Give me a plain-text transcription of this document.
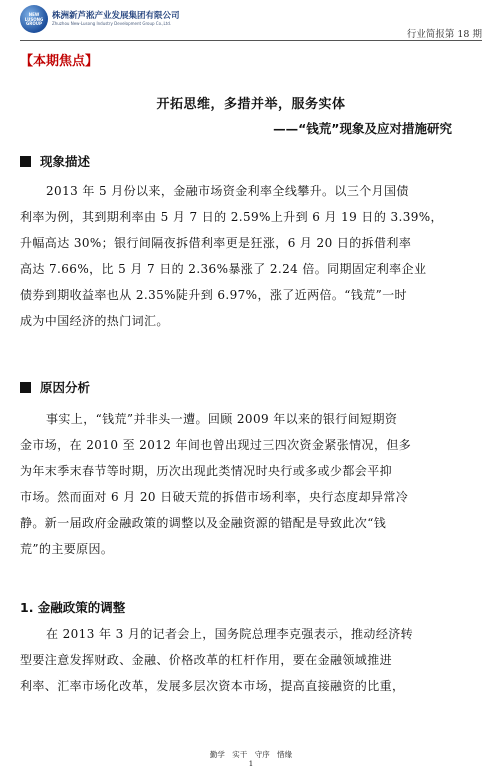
NEW
LUSONG
GROUP
株洲新芦淞产业发展集团有限公司
Zhuzhou New-Lusong Industry Development Group Co.,Ltd.
行业简报第 18 期
【本期焦点】
开拓思维，多措并举，服务实体
——“钱荒”现象及应对措施研究
现象描述
2013 年 5 月份以来，金融市场资金利率全线攀升。以三个月国债
利率为例，其到期利率由 5 月 7 日的 2.59%上升到 6 月 19 日的 3.39%，
升幅高达 30%；银行间隔夜拆借利率更是狂涨，6 月 20 日的拆借利率
高达 7.66%，比 5 月 7 日的 2.36%暴涨了 2.24 倍。同期固定利率企业
债券到期收益率也从 2.35%陡升到 6.97%，涨了近两倍。“钱荒”一时
成为中国经济的热门词汇。
原因分析
事实上，“钱荒”并非头一遭。回顾 2009 年以来的银行间短期资
金市场，在 2010 至 2012 年间也曾出现过三四次资金紧张情况，但多
为年末季末春节等时期，历次出现此类情况时央行或多或少都会平抑
市场。然而面对 6 月 20 日破天荒的拆借市场利率，央行态度却异常冷
静。新一届政府金融政策的调整以及金融资源的错配是导致此次“钱
荒”的主要原因。
1. 金融政策的调整
在 2013 年 3 月的记者会上，国务院总理李克强表示，推动经济转
型要注意发挥财政、金融、价格改革的杠杆作用，要在金融领域推进
利率、汇率市场化改革，发展多层次资本市场，提高直接融资的比重，
勤学 实干 守序 惜缘
1
